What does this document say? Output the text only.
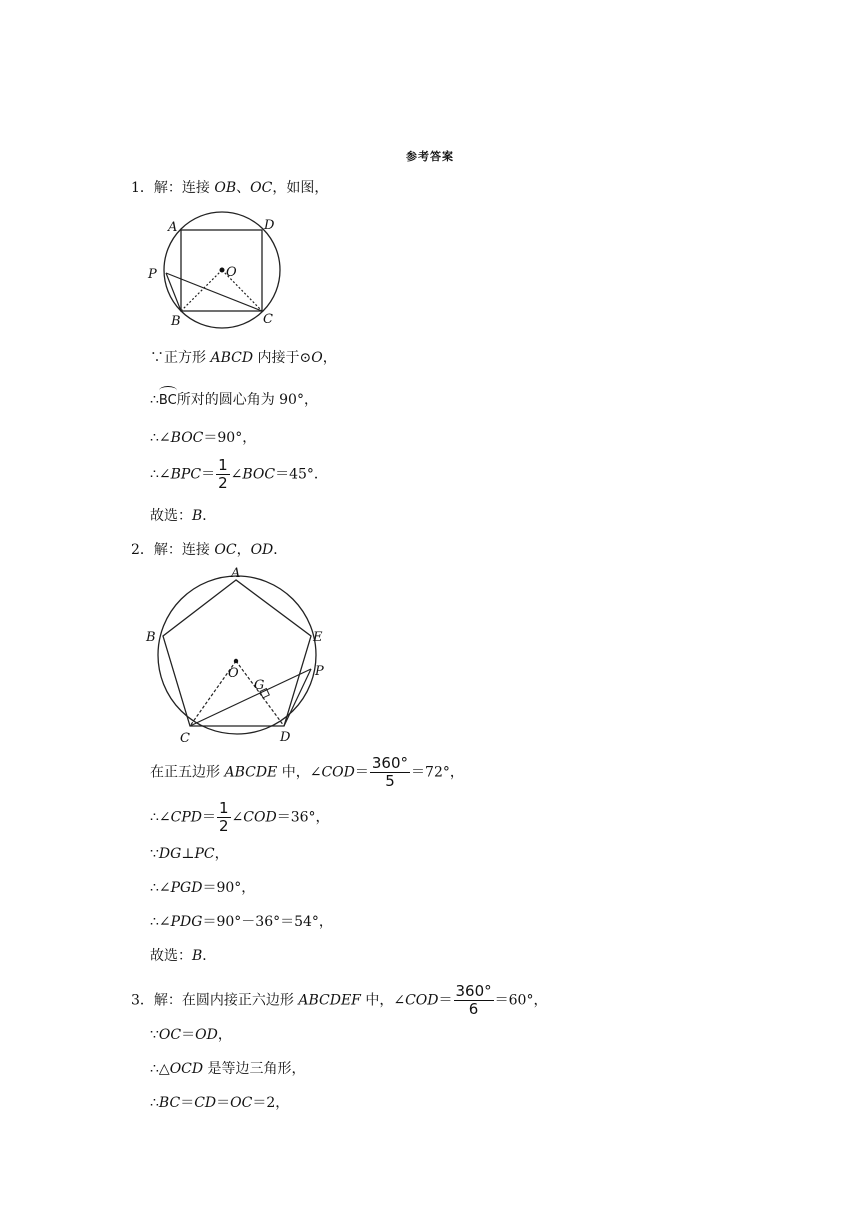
参考答案
1．解：连接 OB、OC，如图，
A	D
P	O
B	C
∵正方形 ABCD 内接于⊙O，
∴BC所对的圆心角为 90°，
∴∠BOC＝90°，
∴∠BPC＝ $\frac{1}{2}$ ∠BOC＝45°．
故选：B．
2．解：连接 OC，OD．
A
B	E
P
O
G
C	D
在正五边形 ABCDE 中，∠COD＝ $\frac{360^\circ}{5} =72^\circ$，
∴∠CPD＝ $\frac{1}{2}$ ∠COD＝36°，
∵DG⊥PC，
∴∠PGD＝90°，
∴∠PDG＝90°－36°＝54°，
故选：B．
3．解：在圆内接正六边形 ABCDEF 中，∠COD＝ $\frac{360^\circ}{6} =60^\circ$，
∵OC＝OD，
∴△OCD 是等边三角形，
∴BC＝CD＝OC＝2，
